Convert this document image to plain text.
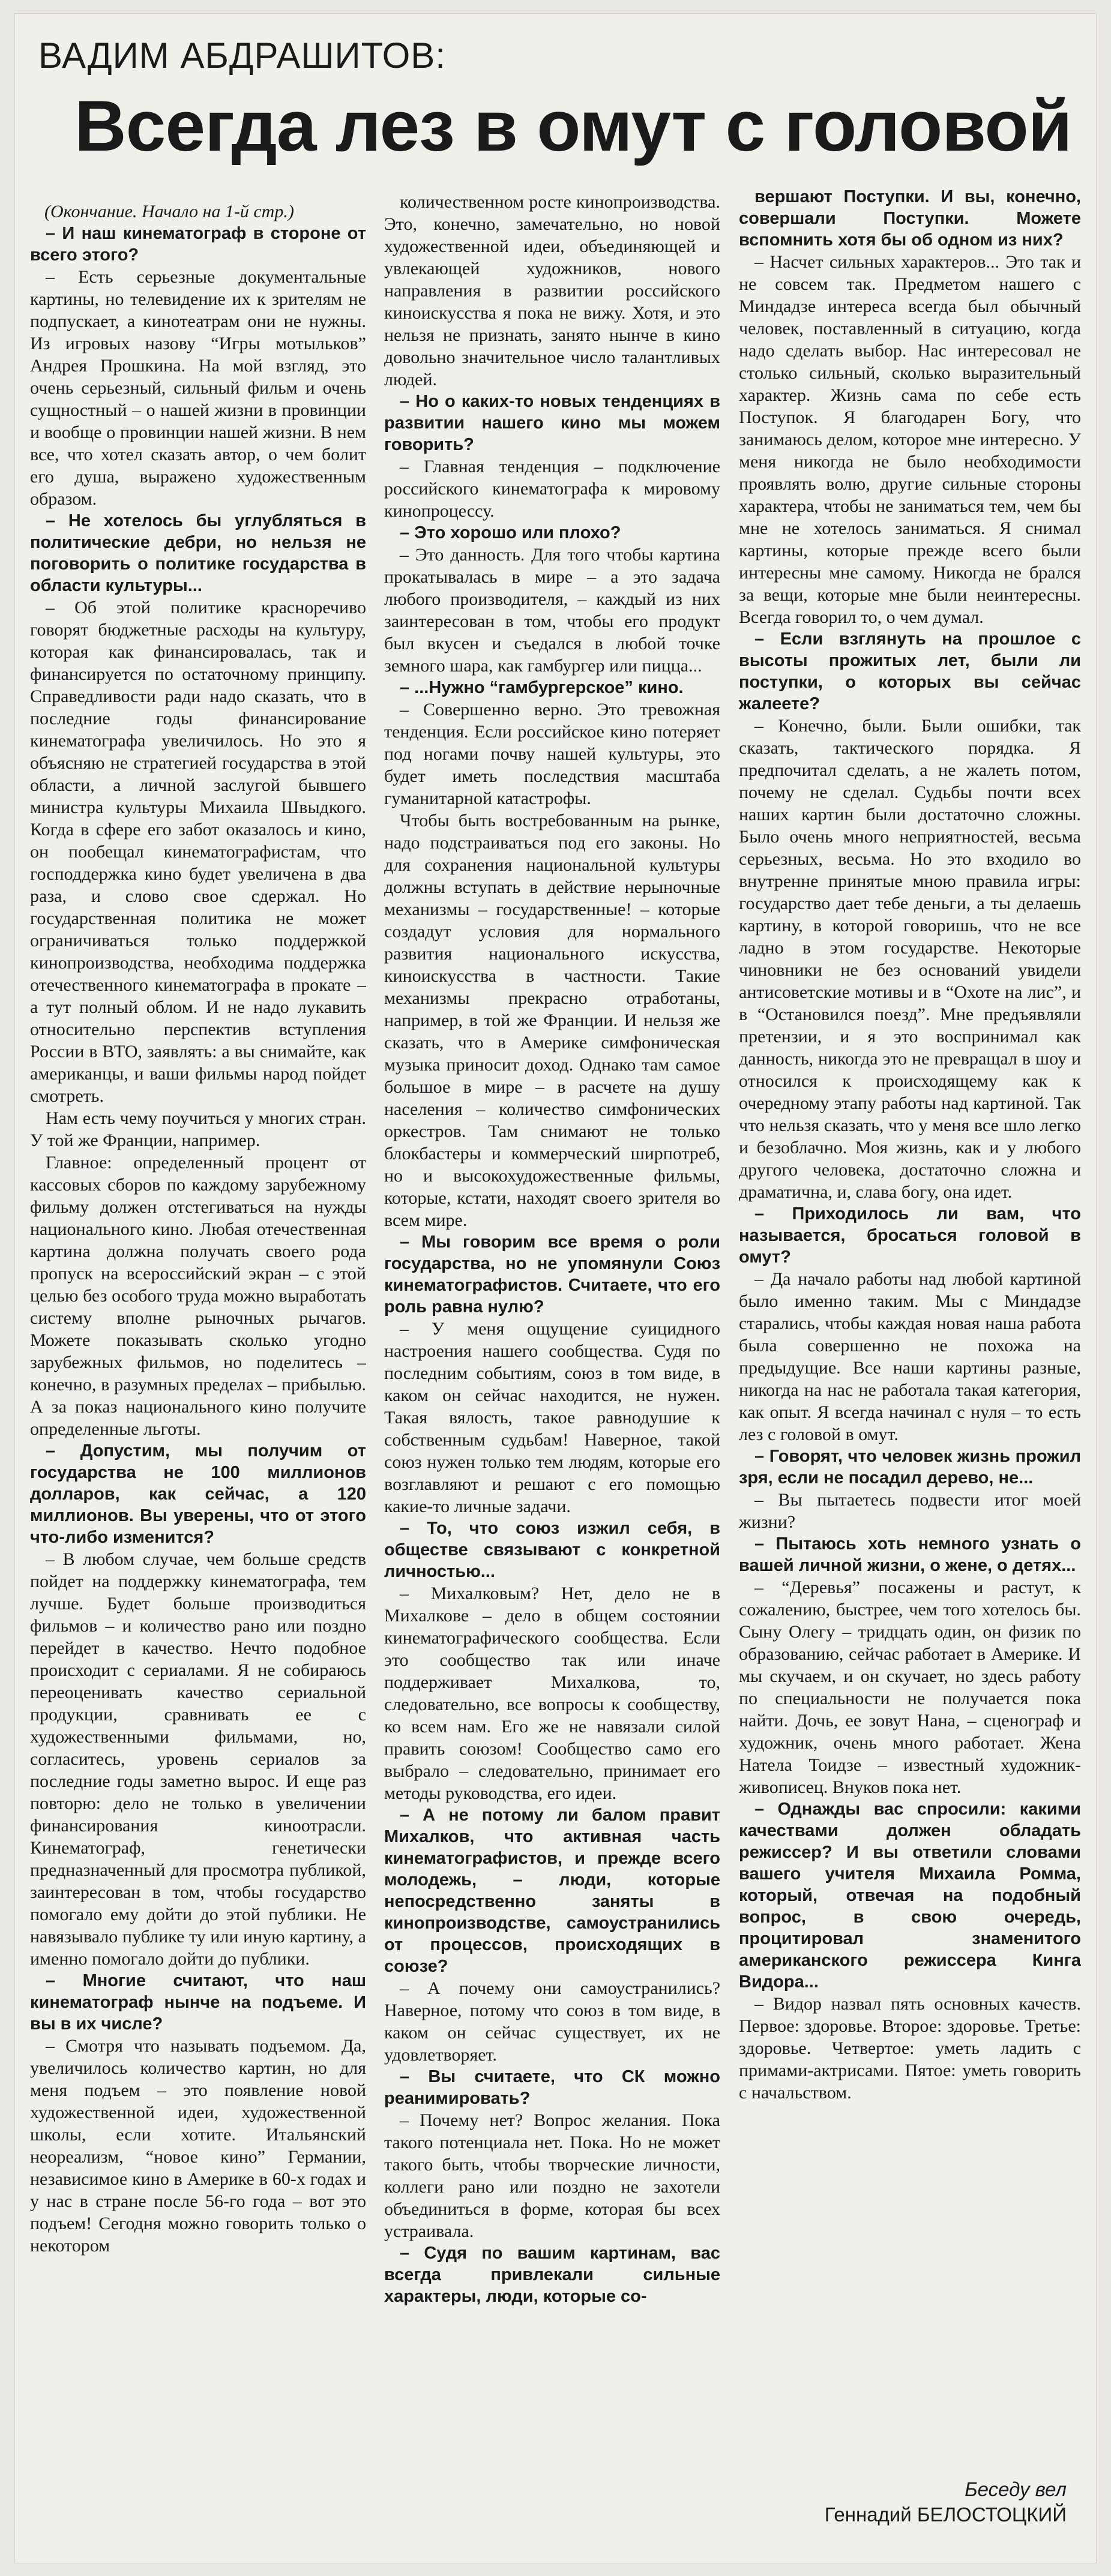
ВАДИМ АБДРАШИТОВ:
Всегда лез в омут с головой

(Окончание. Начало на 1-й стр.)

– И наш кинематограф в стороне от всего этого?

– Есть серьезные документальные картины, но телевидение их к зрителям не подпускает, а кинотеатрам они не нужны. Из игровых назову “Игры мотыльков” Андрея Прошкина. На мой взгляд, это очень серьезный, сильный фильм и очень сущностный – о нашей жизни в провинции и вообще о провинции нашей жизни. В нем все, что хотел сказать автор, о чем болит его душа, выражено художественным образом.

– Не хотелось бы углубляться в политические дебри, но нельзя не поговорить о политике государства в области культуры...

– Об этой политике красноречиво говорят бюджетные расходы на культуру, которая как финансировалась, так и финансируется по остаточному принципу. Справедливости ради надо сказать, что в последние годы финансирование кинематографа увеличилось. Но это я объясняю не стратегией государства в этой области, а личной заслугой бывшего министра культуры Михаила Швыдкого. Когда в сфере его забот оказалось и кино, он пообещал кинематографистам, что господдержка кино будет увеличена в два раза, и слово свое сдержал. Но государственная политика не может ограничиваться только поддержкой кинопроизводства, необходима поддержка отечественного кинематографа в прокате – а тут полный облом. И не надо лукавить относительно перспектив вступления России в ВТО, заявлять: а вы снимайте, как американцы, и ваши фильмы народ пойдет смотреть.

Нам есть чему поучиться у многих стран. У той же Франции, например.

Главное: определенный процент от кассовых сборов по каждому зарубежному фильму должен отстегиваться на нужды национального кино. Любая отечественная картина должна получать своего рода пропуск на всероссийский экран – с этой целью без особого труда можно выработать систему вполне рыночных рычагов. Можете показывать сколько угодно зарубежных фильмов, но поделитесь – конечно, в разумных пределах – прибылью. А за показ национального кино получите определенные льготы.

– Допустим, мы получим от государства не 100 миллионов долларов, как сейчас, а 120 миллионов. Вы уверены, что от этого что-либо изменится?

– В любом случае, чем больше средств пойдет на поддержку кинематографа, тем лучше. Будет больше производиться фильмов – и количество рано или поздно перейдет в качество. Нечто подобное происходит с сериалами. Я не собираюсь переоценивать качество сериальной продукции, сравнивать ее с художественными фильмами, но, согласитесь, уровень сериалов за последние годы заметно вырос. И еще раз повторю: дело не только в увеличении финансирования киноотрасли. Кинематограф, генетически предназначенный для просмотра публикой, заинтересован в том, чтобы государство помогало ему дойти до этой публики. Не навязывало публике ту или иную картину, а именно помогало дойти до публики.

– Многие считают, что наш кинематограф нынче на подъеме. И вы в их числе?

– Смотря что называть подъемом. Да, увеличилось количество картин, но для меня подъем – это появление новой художественной идеи, художественной школы, если хотите. Итальянский неореализм, “новое кино” Германии, независимое кино в Америке в 60-х годах и у нас в стране после 56-го года – вот это подъем! Сегодня можно говорить только о некотором

количественном росте кинопроизводства. Это, конечно, замечательно, но новой художественной идеи, объединяющей и увлекающей художников, нового направления в развитии российского киноискусства я пока не вижу. Хотя, и это нельзя не признать, занято нынче в кино довольно значительное число талантливых людей.

– Но о каких-то новых тенденциях в развитии нашего кино мы можем говорить?

– Главная тенденция – подключение российского кинематографа к мировому кинопроцессу.

– Это хорошо или плохо?

– Это данность. Для того чтобы картина прокатывалась в мире – а это задача любого производителя, – каждый из них заинтересован в том, чтобы его продукт был вкусен и съедался в любой точке земного шара, как гамбургер или пицца...

– ...Нужно “гамбургерское” кино.

– Совершенно верно. Это тревожная тенденция. Если российское кино потеряет под ногами почву нашей культуры, это будет иметь последствия масштаба гуманитарной катастрофы.

Чтобы быть востребованным на рынке, надо подстраиваться под его законы. Но для сохранения национальной культуры должны вступать в действие нерыночные механизмы – государственные! – которые создадут условия для нормального развития национального искусства, киноискусства в частности. Такие механизмы прекрасно отработаны, например, в той же Франции. И нельзя же сказать, что в Америке симфоническая музыка приносит доход. Однако там самое большое в мире – в расчете на душу населения – количество симфонических оркестров. Там снимают не только блокбастеры и коммерческий ширпотреб, но и высокохудожественные фильмы, которые, кстати, находят своего зрителя во всем мире.

– Мы говорим все время о роли государства, но не упомянули Союз кинематографистов. Считаете, что его роль равна нулю?

– У меня ощущение суицидного настроения нашего сообщества. Судя по последним событиям, союз в том виде, в каком он сейчас находится, не нужен. Такая вялость, такое равнодушие к собственным судьбам! Наверное, такой союз нужен только тем людям, которые его возглавляют и решают с его помощью какие-то личные задачи.

– То, что союз изжил себя, в обществе связывают с конкретной личностью...

– Михалковым? Нет, дело не в Михалкове – дело в общем состоянии кинематографического сообщества. Если это сообщество так или иначе поддерживает Михалкова, то, следовательно, все вопросы к сообществу, ко всем нам. Его же не навязали силой править союзом! Сообщество само его выбрало – следовательно, принимает его методы руководства, его идеи.

– А не потому ли балом правит Михалков, что активная часть кинематографистов, и прежде всего молодежь, – люди, которые непосредственно заняты в кинопроизводстве, самоустранились от процессов, происходящих в союзе?

– А почему они самоустранились? Наверное, потому что союз в том виде, в каком он сейчас существует, их не удовлетворяет.

– Вы считаете, что СК можно реанимировать?

– Почему нет? Вопрос желания. Пока такого потенциала нет. Пока. Но не может такого быть, чтобы творческие личности, коллеги рано или поздно не захотели объединиться в форме, которая бы всех устраивала.

– Судя по вашим картинам, вас всегда привлекали сильные характеры, люди, которые со-

вершают Поступки. И вы, конечно, совершали Поступки. Можете вспомнить хотя бы об одном из них?

– Насчет сильных характеров... Это так и не совсем так. Предметом нашего с Миндадзе интереса всегда был обычный человек, поставленный в ситуацию, когда надо сделать выбор. Нас интересовал не столько сильный, сколько выразительный характер. Жизнь сама по себе есть Поступок. Я благодарен Богу, что занимаюсь делом, которое мне интересно. У меня никогда не было необходимости проявлять волю, другие сильные стороны характера, чтобы не заниматься тем, чем бы мне не хотелось заниматься. Я снимал картины, которые прежде всего были интересны мне самому. Никогда не брался за вещи, которые мне были неинтересны. Всегда говорил то, о чем думал.

– Если взглянуть на прошлое с высоты прожитых лет, были ли поступки, о которых вы сейчас жалеете?

– Конечно, были. Были ошибки, так сказать, тактического порядка. Я предпочитал сделать, а не жалеть потом, почему не сделал. Судьбы почти всех наших картин были достаточно сложны. Было очень много неприятностей, весьма серьезных, весьма. Но это входило во внутренне принятые мною правила игры: государство дает тебе деньги, а ты делаешь картину, в которой говоришь, что не все ладно в этом государстве. Некоторые чиновники не без оснований увидели антисоветские мотивы и в “Охоте на лис”, и в “Остановился поезд”. Мне предъявляли претензии, и я это воспринимал как данность, никогда это не превращал в шоу и относился к происходящему как к очередному этапу работы над картиной. Так что нельзя сказать, что у меня все шло легко и безоблачно. Моя жизнь, как и у любого другого человека, достаточно сложна и драматична, и, слава богу, она идет.

– Приходилось ли вам, что называется, бросаться головой в омут?

– Да начало работы над любой картиной было именно таким. Мы с Миндадзе старались, чтобы каждая новая наша работа была совершенно не похожа на предыдущие. Все наши картины разные, никогда на нас не работала такая категория, как опыт. Я всегда начинал с нуля – то есть лез с головой в омут.

– Говорят, что человек жизнь прожил зря, если не посадил дерево, не...

– Вы пытаетесь подвести итог моей жизни?

– Пытаюсь хоть немного узнать о вашей личной жизни, о жене, о детях...

– “Деревья” посажены и растут, к сожалению, быстрее, чем того хотелось бы. Сыну Олегу – тридцать один, он физик по образованию, сейчас работает в Америке. И мы скучаем, и он скучает, но здесь работу по специальности не получается пока найти. Дочь, ее зовут Нана, – сценограф и художник, очень много работает. Жена Натела Тоидзе – известный художник-живописец. Внуков пока нет.

– Однажды вас спросили: какими качествами должен обладать режиссер? И вы ответили словами вашего учителя Михаила Ромма, который, отвечая на подобный вопрос, в свою очередь, процитировал знаменитого американского режиссера Кинга Видора...

– Видор назвал пять основных качеств. Первое: здоровье. Второе: здоровье. Третье: здоровье. Четвертое: уметь ладить с примами-актрисами. Пятое: уметь говорить с начальством.

Беседу вел
Геннадий БЕЛОСТОЦКИЙ
